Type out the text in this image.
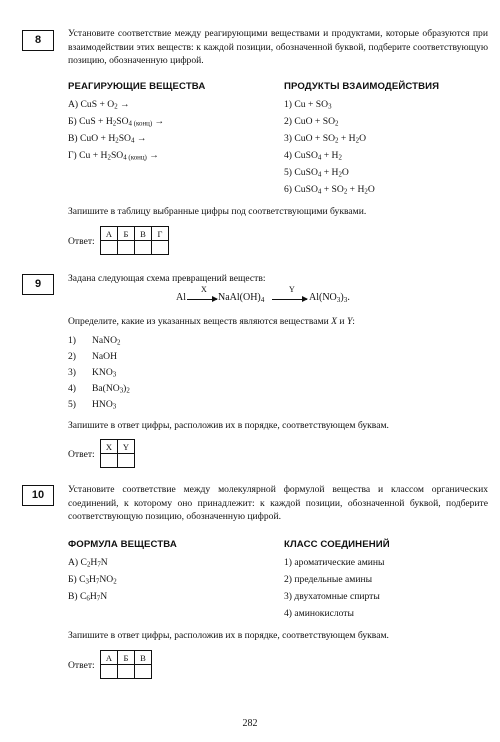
8

Установите соответствие между реагирующими веществами и продуктами, которые образуются при взаимодействии этих веществ: к каждой позиции, обозначенной буквой, подберите соответствующую позицию, обозначенную цифрой.

РЕАГИРУЮЩИЕ ВЕЩЕСТВА	ПРОДУКТЫ ВЗАИМОДЕЙСТВИЯ
А) CuS + $O_2$ →
Б) CuS + $H_2SO_4$ (конц) →
В) CuO + $H_2SO_4$ →
Г) $Cu + H_2SO_4$ (конц) →
1) $Cu + SO_3$
2) CuO + $SO_2$
3) CuO + $SO_2 + H_2O$
4) CuSO$_4$ + $H_2$
5) CuSO$_4$ + $H_2O$
6) CuSO$_4$ + $SO_2 + H_2O$
Запишите в таблицу выбранные цифры под соответствующими буквами.
Ответ:
А	Б	В	Г

9	Задана следующая схема превращений веществ:
Al
X
$NaAl(OH)_4$
Y
$Al(NO_3)_3$.
Определите, какие из указанных веществ являются веществами X и Y:
1) NaNO$_2$
2) NaOH
3) $KNO_3$
4) $Ba(NO_3)_2$
5) $HNO_3$
Запишите в ответ цифры, расположив их в порядке, соответствующем буквам.
Ответ:
X	Y

10	Установите соответствие между молекулярной формулой вещества и классом органических соединений, к которому оно принадлежит: к каждой позиции, обозначенной буквой, подберите соответствующую позицию, обозначенную цифрой.

ФОРМУЛА ВЕЩЕСТВА	КЛАСС СОЕДИНЕНИЙ
А) $C_2H_7N$
Б) $C_3H_7NO_2$
В) $C_6H_7N$
1) ароматические амины
2) предельные амины
3) двухатомные спирты
4) аминокислоты
Запишите в ответ цифры, расположив их в порядке, соответствующем буквам.
Ответ:
А	Б	В

282
